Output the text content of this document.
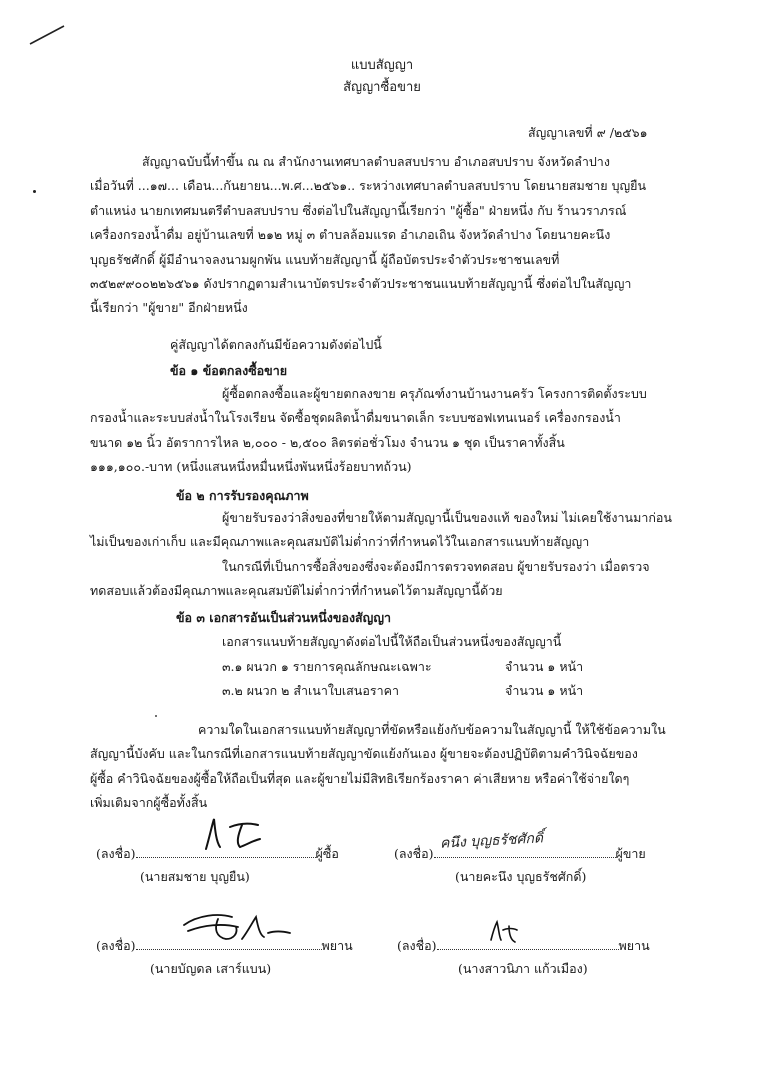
แบบสัญญา
สัญญาซื้อขาย
สัญญาเลขที่ ๙ /๒๕๖๑
สัญญาฉบับนี้ทำขึ้น ณ ณ สำนักงานเทศบาลตำบลสบปราบ อำเภอสบปราบ จังหวัดลำปาง
เมื่อวันที่ ...๑๗... เดือน...กันยายน...พ.ศ...๒๕๖๑.. ระหว่างเทศบาลตำบลสบปราบ โดยนายสมชาย บุญยืน
ตำแหน่ง นายกเทศมนตรีตำบลสบปราบ ซึ่งต่อไปในสัญญานี้เรียกว่า "ผู้ซื้อ" ฝ่ายหนึ่ง กับ ร้านวราภรณ์
เครื่องกรองน้ำดื่ม อยู่บ้านเลขที่ ๒๑๒ หมู่ ๓ ตำบลล้อมแรด อำเภอเถิน จังหวัดลำปาง โดยนายคะนึง
บุญธรัชศักดิ์ ผู้มีอำนาจลงนามผูกพัน แนบท้ายสัญญานี้ ผู้ถือบัตรประจำตัวประชาชนเลขที่
๓๕๒๙๙๐๐๒๒๖๕๖๑ ดังปรากฏตามสำเนาบัตรประจำตัวประชาชนแนบท้ายสัญญานี้ ซึ่งต่อไปในสัญญา
นี้เรียกว่า "ผู้ขาย" อีกฝ่ายหนึ่ง
คู่สัญญาได้ตกลงกันมีข้อความดังต่อไปนี้
ข้อ ๑ ข้อตกลงซื้อขาย
ผู้ซื้อตกลงซื้อและผู้ขายตกลงขาย ครุภัณฑ์งานบ้านงานครัว โครงการติดตั้งระบบ
กรองน้ำและระบบส่งน้ำในโรงเรียน จัดซื้อชุดผลิตน้ำดื่มขนาดเล็ก ระบบซอฟเทนเนอร์ เครื่องกรองน้ำ
ขนาด ๑๒ นิ้ว อัตราการไหล ๒,๐๐๐ - ๒,๕๐๐ ลิตรต่อชั่วโมง จำนวน ๑ ชุด เป็นราคาทั้งสิ้น
๑๑๑,๑๐๐.-บาท (หนึ่งแสนหนึ่งหมื่นหนึ่งพันหนึ่งร้อยบาทถ้วน)
ข้อ ๒ การรับรองคุณภาพ
ผู้ขายรับรองว่าสิ่งของที่ขายให้ตามสัญญานี้เป็นของแท้ ของใหม่ ไม่เคยใช้งานมาก่อน
ไม่เป็นของเก่าเก็บ และมีคุณภาพและคุณสมบัติไม่ต่ำกว่าที่กำหนดไว้ในเอกสารแนบท้ายสัญญา
ในกรณีที่เป็นการซื้อสิ่งของซึ่งจะต้องมีการตรวจทดสอบ ผู้ขายรับรองว่า เมื่อตรวจ
ทดสอบแล้วต้องมีคุณภาพและคุณสมบัติไม่ต่ำกว่าที่กำหนดไว้ตามสัญญานี้ด้วย
ข้อ ๓ เอกสารอันเป็นส่วนหนึ่งของสัญญา
เอกสารแนบท้ายสัญญาดังต่อไปนี้ให้ถือเป็นส่วนหนึ่งของสัญญานี้
๓.๑ ผนวก ๑ รายการคุณลักษณะเฉพาะ	จำนวน ๑ หน้า
๓.๒ ผนวก ๒ สำเนาใบเสนอราคา	จำนวน ๑ หน้า
ความใดในเอกสารแนบท้ายสัญญาที่ขัดหรือแย้งกับข้อความในสัญญานี้ ให้ใช้ข้อความใน
สัญญานี้บังคับ และในกรณีที่เอกสารแนบท้ายสัญญาขัดแย้งกันเอง ผู้ขายจะต้องปฏิบัติตามคำวินิจฉัยของ
ผู้ซื้อ คำวินิจฉัยของผู้ซื้อให้ถือเป็นที่สุด และผู้ขายไม่มีสิทธิเรียกร้องราคา ค่าเสียหาย หรือค่าใช้จ่ายใดๆ
เพิ่มเติมจากผู้ซื้อทั้งสิ้น
(ลงชื่อ)	ผู้ซื้อ
(นายสมชาย บุญยืน)
(ลงชื่อ)	ผู้ขาย
คนึง บุญธรัชศักดิ์
(นายคะนึง บุญธรัชศักดิ์)
(ลงชื่อ)	พยาน
(นายบัญดล เสาร์แบน)
(ลงชื่อ)	พยาน
(นางสาวนิภา แก้วเมือง)
